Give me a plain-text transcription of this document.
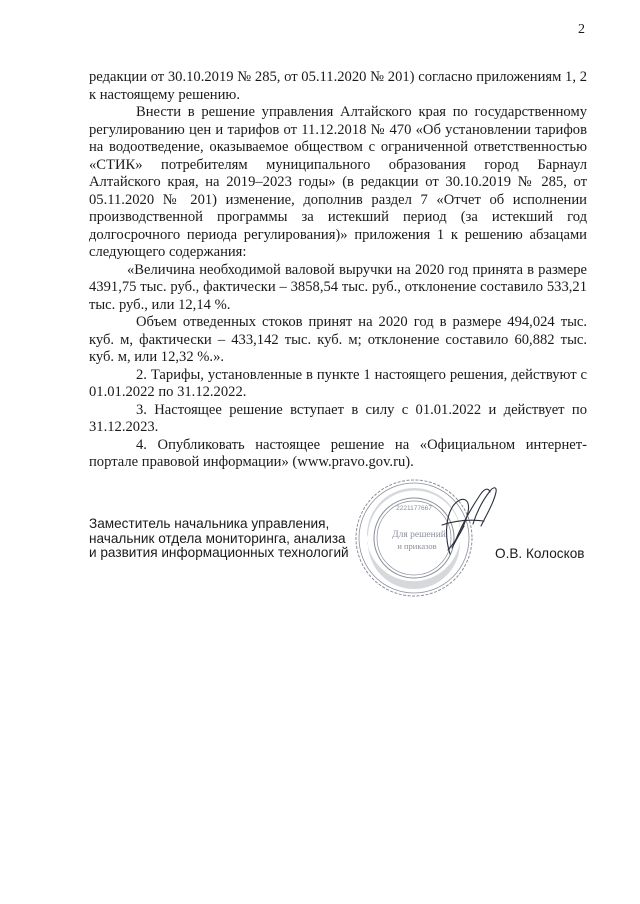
2

редакции от 30.10.2019 № 285, от 05.11.2020 № 201) согласно приложениям 1, 2 к настоящему решению.

Внести в решение управления Алтайского края по государственному регулированию цен и тарифов от 11.12.2018 № 470 «Об установлении тарифов на водоотведение, оказываемое обществом с ограниченной ответственностью «СТИК» потребителям муниципального образования город Барнаул Алтайского края, на 2019–2023 годы» (в редакции от 30.10.2019 № 285, от 05.11.2020 № 201) изменение, дополнив раздел 7 «Отчет об исполнении производственной программы за истекший период (за истекший год долгосрочного периода регулирования)» приложения 1 к решению абзацами следующего содержания:

«Величина необходимой валовой выручки на 2020 год принята в размере 4391,75 тыс. руб., фактически – 3858,54 тыс. руб., отклонение составило 533,21 тыс. руб., или 12,14 %.

Объем отведенных стоков принят на 2020 год в размере 494,024 тыс. куб. м, фактически – 433,142 тыс. куб. м; отклонение составило 60,882 тыс. куб. м, или 12,32 %.».

2. Тарифы, установленные в пункте 1 настоящего решения, действуют с 01.01.2022 по 31.12.2022.

3. Настоящее решение вступает в силу с 01.01.2022 и действует по 31.12.2023.

4. Опубликовать настоящее решение на «Официальном интернет-портале правовой информации» (www.pravo.gov.ru).

2221177667
Для решений
и приказов
Заместитель начальника управления,
начальник отдела мониторинга, анализа
и развития информационных технологий	О.В. Колосков
